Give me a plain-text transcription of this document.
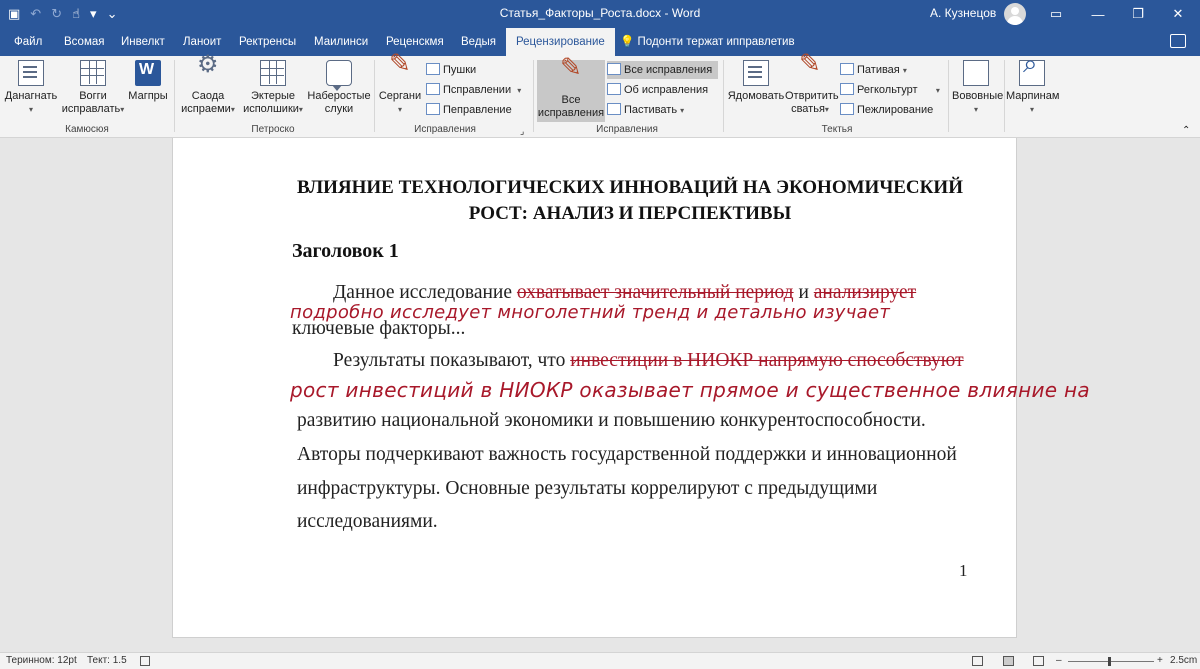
▣ ↶ ↻ ☝ ▾ ⌄	Статья_Факторы_Роста.docx - Word	А. Кузнецов	▭	—	❐	✕
Файл Всомая Инвелкт Ланоит Ректренсы Маилинси Реценскмя Ведыя	Рецензирование	💡 Подонти тержат ипправлетив
Данагнать
▾
Вогги
исправлать▾
W
Магпры
Камюсюя
⚙
Саода
испраеми▾
Эктерые
исполшики▾
Наберостые
слуки
Петроско
✎
Сергани
▾
Пушки
Псправлении ▾
Пеправление
Исправления	⌟
✎
Все
исправления
Все исправления
Об исправления
Пастивать ▾
Исправления
Ядомовать
✎ Отвритить
сватья▾
Пативая ▾
Регкольтурт ▾
Пежлирование
Тектья
Вововные
▾
⌕
Марпинам
▾
⌃
ВЛИЯНИЕ ТЕХНОЛОГИЧЕСКИХ ИННОВАЦИЙ НА ЭКОНОМИЧЕСКИЙ
РОСТ: АНАЛИЗ И ПЕРСПЕКТИВЫ
Заголовок 1
Данное исследование охватывает значительный период и анализирует
подробно исследует многолетний тренд и детально изучает
ключевые факторы...
Результаты показывают, что инвестиции в НИОКР напрямую способствуют
рост инвестиций в НИОКР оказывает прямое и существенное влияние на
развитию национальной экономики и повышению конкурентоспособности.
Авторы подчеркивают важность государственной поддержки и инновационной
инфраструктуры. Основные результаты коррелируют с предыдущими
исследованиями.
1
Теринном: 12pt Тект: 1.5	–	+ 2.5cm
